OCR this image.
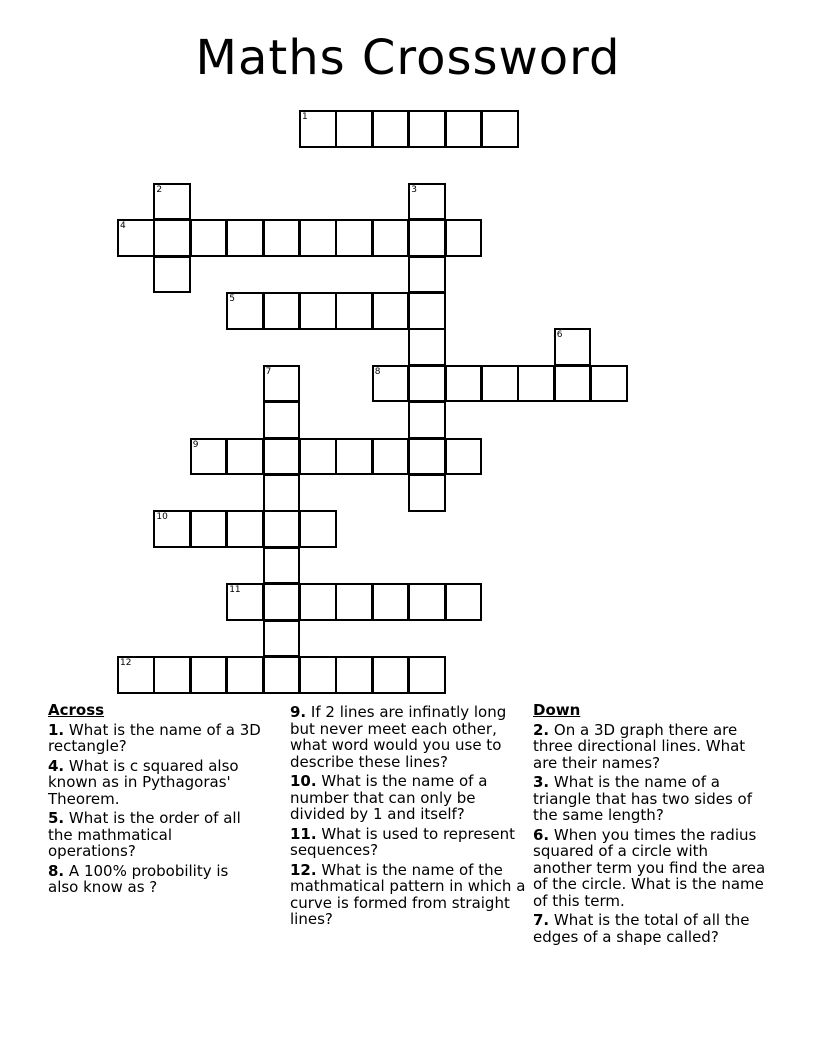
Maths Crossword
1
2	3
4
5
6
7	8
9
10
11
12
Across
1. What is the name of a 3D rectangle?
4. What is c squared also known as in Pythagoras' Theorem.
5. What is the order of all the mathmatical operations?
8. A 100% probobility is also know as ?
9. If 2 lines are infinatly long but never meet each other, what word would you use to describe these lines?
10. What is the name of a number that can only be divided by 1 and itself?
11. What is used to represent sequences?
12. What is the name of the mathmatical pattern in which a curve is formed from straight lines?
Down
2. On a 3D graph there are three directional lines. What are their names?
3. What is the name of a triangle that has two sides of the same length?
6. When you times the radius squared of a circle with another term you find the area of the circle. What is the name of this term.
7. What is the total of all the edges of a shape called?
